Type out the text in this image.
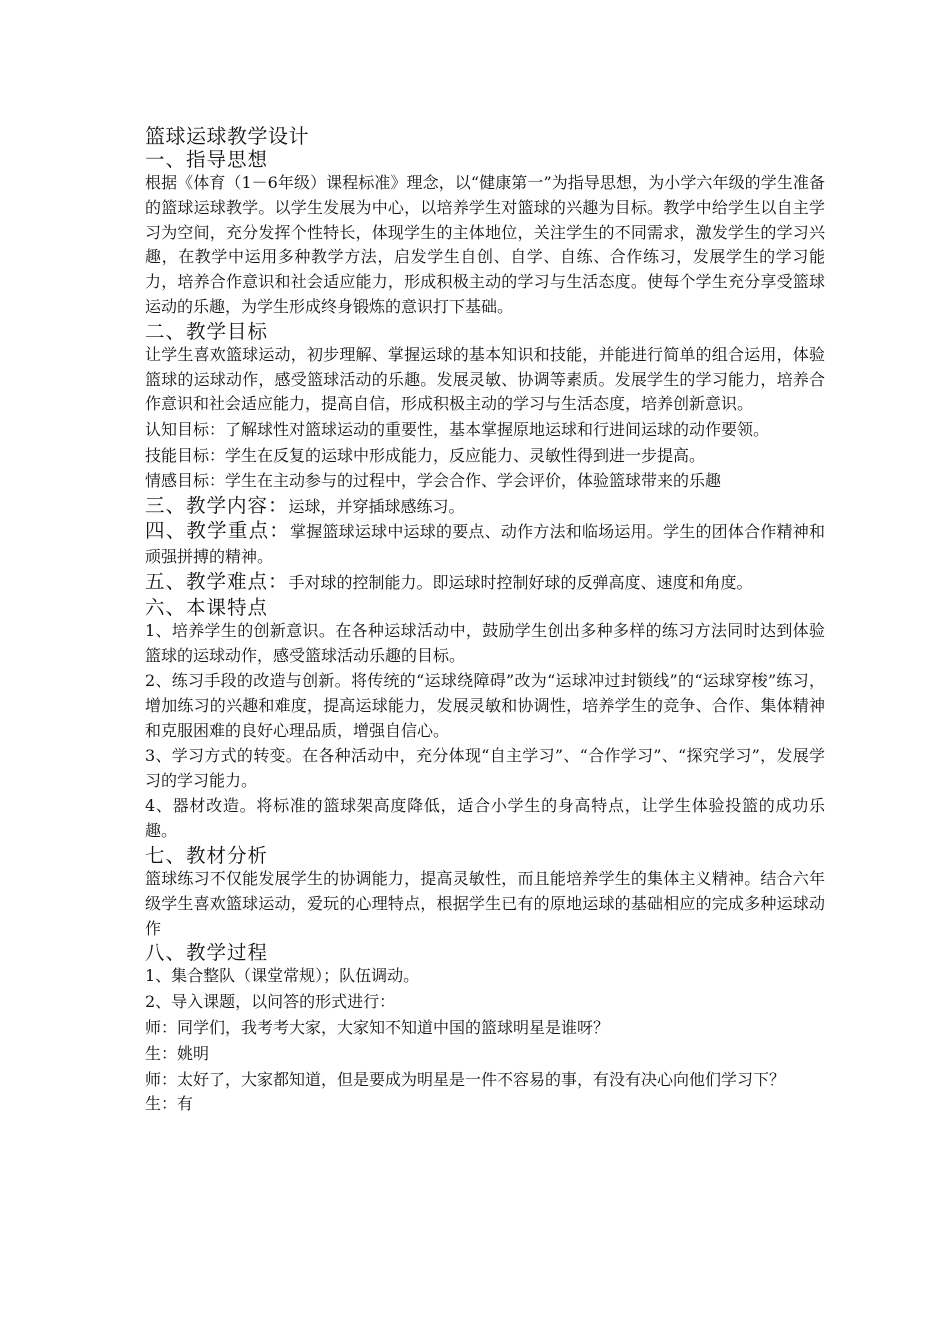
篮球运球教学设计
一、指导思想

根据《体育（1－6年级）课程标准》理念，以“健康第一”为指导思想，为小学六年级的学生准备的篮球运球教学。以学生发展为中心，以培养学生对篮球的兴趣为目标。教学中给学生以自主学习为空间，充分发挥个性特长，体现学生的主体地位，关注学生的不同需求，激发学生的学习兴趣，在教学中运用多种教学方法，启发学生自创、自学、自练、合作练习，发展学生的学习能力，培养合作意识和社会适应能力，形成积极主动的学习与生活态度。使每个学生充分享受篮球运动的乐趣，为学生形成终身锻炼的意识打下基础。

二、教学目标

让学生喜欢篮球运动，初步理解、掌握运球的基本知识和技能，并能进行简单的组合运用，体验篮球的运球动作，感受篮球活动的乐趣。发展灵敏、协调等素质。发展学生的学习能力，培养合作意识和社会适应能力，提高自信，形成积极主动的学习与生活态度，培养创新意识。

认知目标：了解球性对篮球运动的重要性，基本掌握原地运球和行进间运球的动作要领。

技能目标：学生在反复的运球中形成能力，反应能力、灵敏性得到进一步提高。

情感目标：学生在主动参与的过程中，学会合作、学会评价，体验篮球带来的乐趣

三、教学内容：运球，并穿插球感练习。

四、教学重点：掌握篮球运球中运球的要点、动作方法和临场运用。学生的团体合作精神和顽强拼搏的精神。

五、教学难点：手对球的控制能力。即运球时控制好球的反弹高度、速度和角度。

六、本课特点

1、培养学生的创新意识。在各种运球活动中，鼓励学生创出多种多样的练习方法同时达到体验篮球的运球动作，感受篮球活动乐趣的目标。

2、练习手段的改造与创新。将传统的“运球绕障碍”改为“运球冲过封锁线”的“运球穿梭”练习，增加练习的兴趣和难度，提高运球能力，发展灵敏和协调性，培养学生的竞争、合作、集体精神和克服困难的良好心理品质，增强自信心。

3、学习方式的转变。在各种活动中，充分体现“自主学习”、“合作学习”、“探究学习”，发展学习的学习能力。

4、器材改造。将标准的篮球架高度降低，适合小学生的身高特点，让学生体验投篮的成功乐趣。

七、教材分析

篮球练习不仅能发展学生的协调能力，提高灵敏性，而且能培养学生的集体主义精神。结合六年级学生喜欢篮球运动，爱玩的心理特点，根据学生已有的原地运球的基础相应的完成多种运球动作

八、教学过程

1、集合整队（课堂常规）；队伍调动。

2、导入课题，以问答的形式进行：

师：同学们，我考考大家，大家知不知道中国的篮球明星是谁呀？

生：姚明

师：太好了，大家都知道，但是要成为明星是一件不容易的事，有没有决心向他们学习下？

生：有
